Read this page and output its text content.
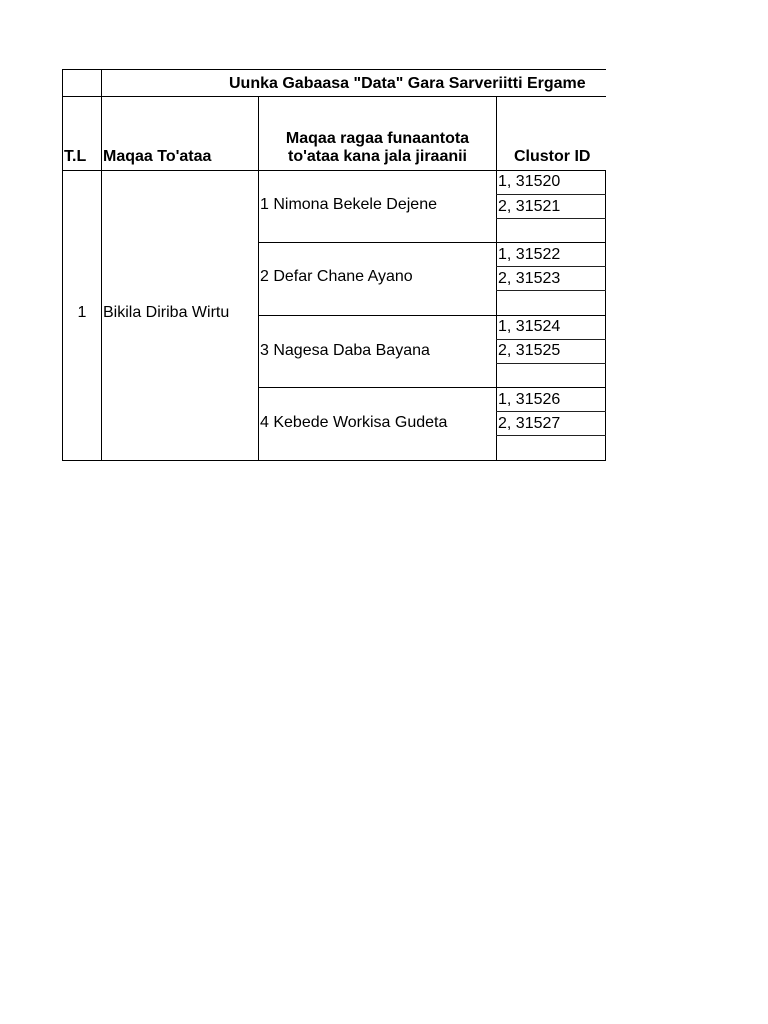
Uunka Gabaasa "Data" Gara Sarveriitti Ergame
T.L Maqaa To'ataa
Maqaa ragaa funaantota
to'ataa kana jala jiraanii	Clustor ID
1	Bikila Diriba Wirtu
1 Nimona Bekele Dejene
2 Defar Chane Ayano
3 Nagesa Daba Bayana
4 Kebede Workisa Gudeta
1, 31520
2, 31521
1, 31522
2, 31523
1, 31524
2, 31525
1, 31526
2, 31527
